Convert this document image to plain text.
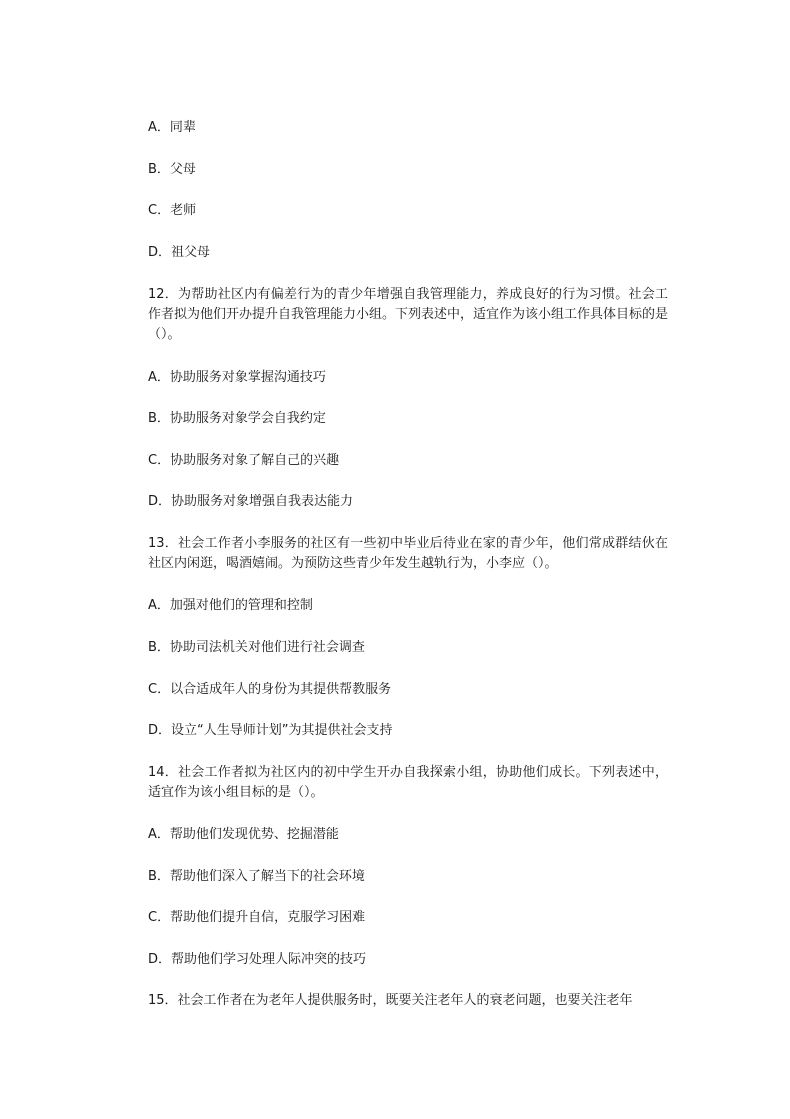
A．同辈
B．父母
C．老师
D．祖父母
12．为帮助社区内有偏差行为的青少年增强自我管理能力，养成良好的行为习惯。社会工作者拟为他们开办提升自我管理能力小组。下列表述中，适宜作为该小组工作具体目标的是（）。
A．协助服务对象掌握沟通技巧
B．协助服务对象学会自我约定
C．协助服务对象了解自己的兴趣
D．协助服务对象增强自我表达能力
13．社会工作者小李服务的社区有一些初中毕业后待业在家的青少年，他们常成群结伙在社区内闲逛，喝酒嬉闹。为预防这些青少年发生越轨行为，小李应（）。
A．加强对他们的管理和控制
B．协助司法机关对他们进行社会调查
C．以合适成年人的身份为其提供帮教服务
D．设立“人生导师计划”为其提供社会支持
14．社会工作者拟为社区内的初中学生开办自我探索小组，协助他们成长。下列表述中，适宜作为该小组目标的是（）。
A．帮助他们发现优势、挖掘潜能
B．帮助他们深入了解当下的社会环境
C．帮助他们提升自信，克服学习困难
D．帮助他们学习处理人际冲突的技巧
15．社会工作者在为老年人提供服务时，既要关注老年人的衰老问题，也要关注老年
